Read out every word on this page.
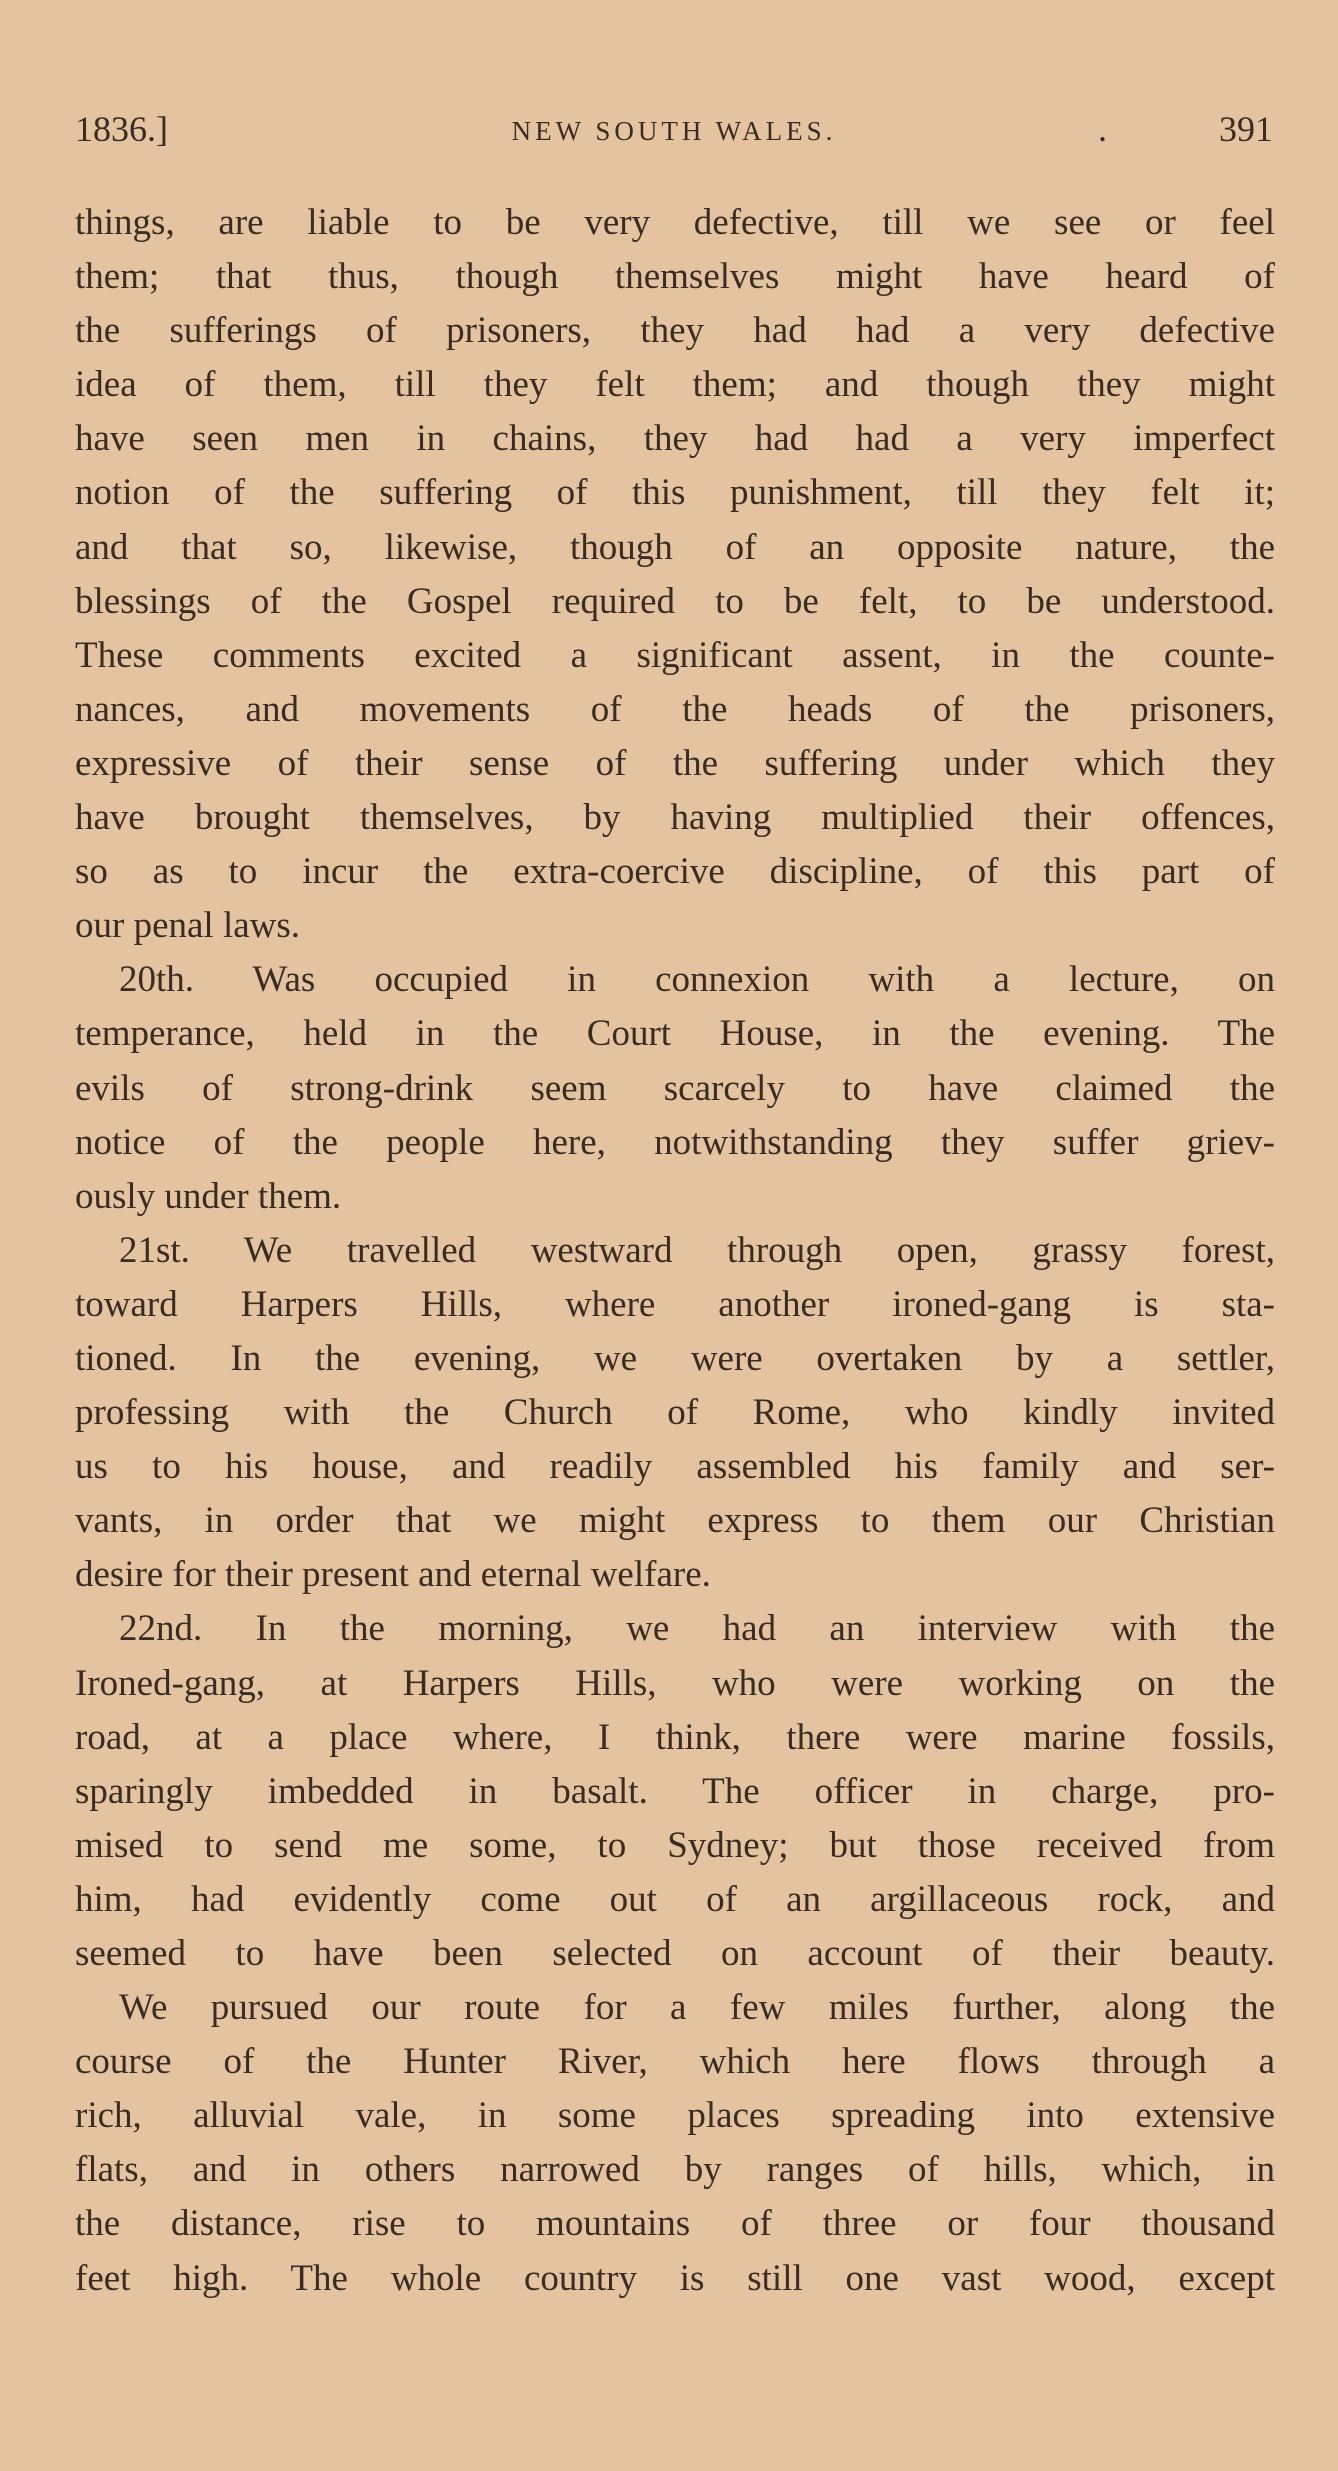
1836.]	NEW SOUTH WALES.	.	391
things, are liable to be very defective, till we see or feel
them; that thus, though themselves might have heard of
the sufferings of prisoners, they had had a very defective
idea of them, till they felt them; and though they might
have seen men in chains, they had had a very imperfect
notion of the suffering of this punishment, till they felt it;
and that so, likewise, though of an opposite nature, the
blessings of the Gospel required to be felt, to be understood.
These comments excited a significant assent, in the counte-
nances, and movements of the heads of the prisoners,
expressive of their sense of the suffering under which they
have brought themselves, by having multiplied their offences,
so as to incur the extra-coercive discipline, of this part of
our penal laws.
20th. Was occupied in connexion with a lecture, on
temperance, held in the Court House, in the evening. The
evils of strong-drink seem scarcely to have claimed the
notice of the people here, notwithstanding they suffer griev-
ously under them.
21st. We travelled westward through open, grassy forest,
toward Harpers Hills, where another ironed-gang is sta-
tioned. In the evening, we were overtaken by a settler,
professing with the Church of Rome, who kindly invited
us to his house, and readily assembled his family and ser-
vants, in order that we might express to them our Christian
desire for their present and eternal welfare.
22nd. In the morning, we had an interview with the
Ironed-gang, at Harpers Hills, who were working on the
road, at a place where, I think, there were marine fossils,
sparingly imbedded in basalt. The officer in charge, pro-
mised to send me some, to Sydney; but those received from
him, had evidently come out of an argillaceous rock, and
seemed to have been selected on account of their beauty.
We pursued our route for a few miles further, along the
course of the Hunter River, which here flows through a
rich, alluvial vale, in some places spreading into extensive
flats, and in others narrowed by ranges of hills, which, in
the distance, rise to mountains of three or four thousand
feet high. The whole country is still one vast wood, except
